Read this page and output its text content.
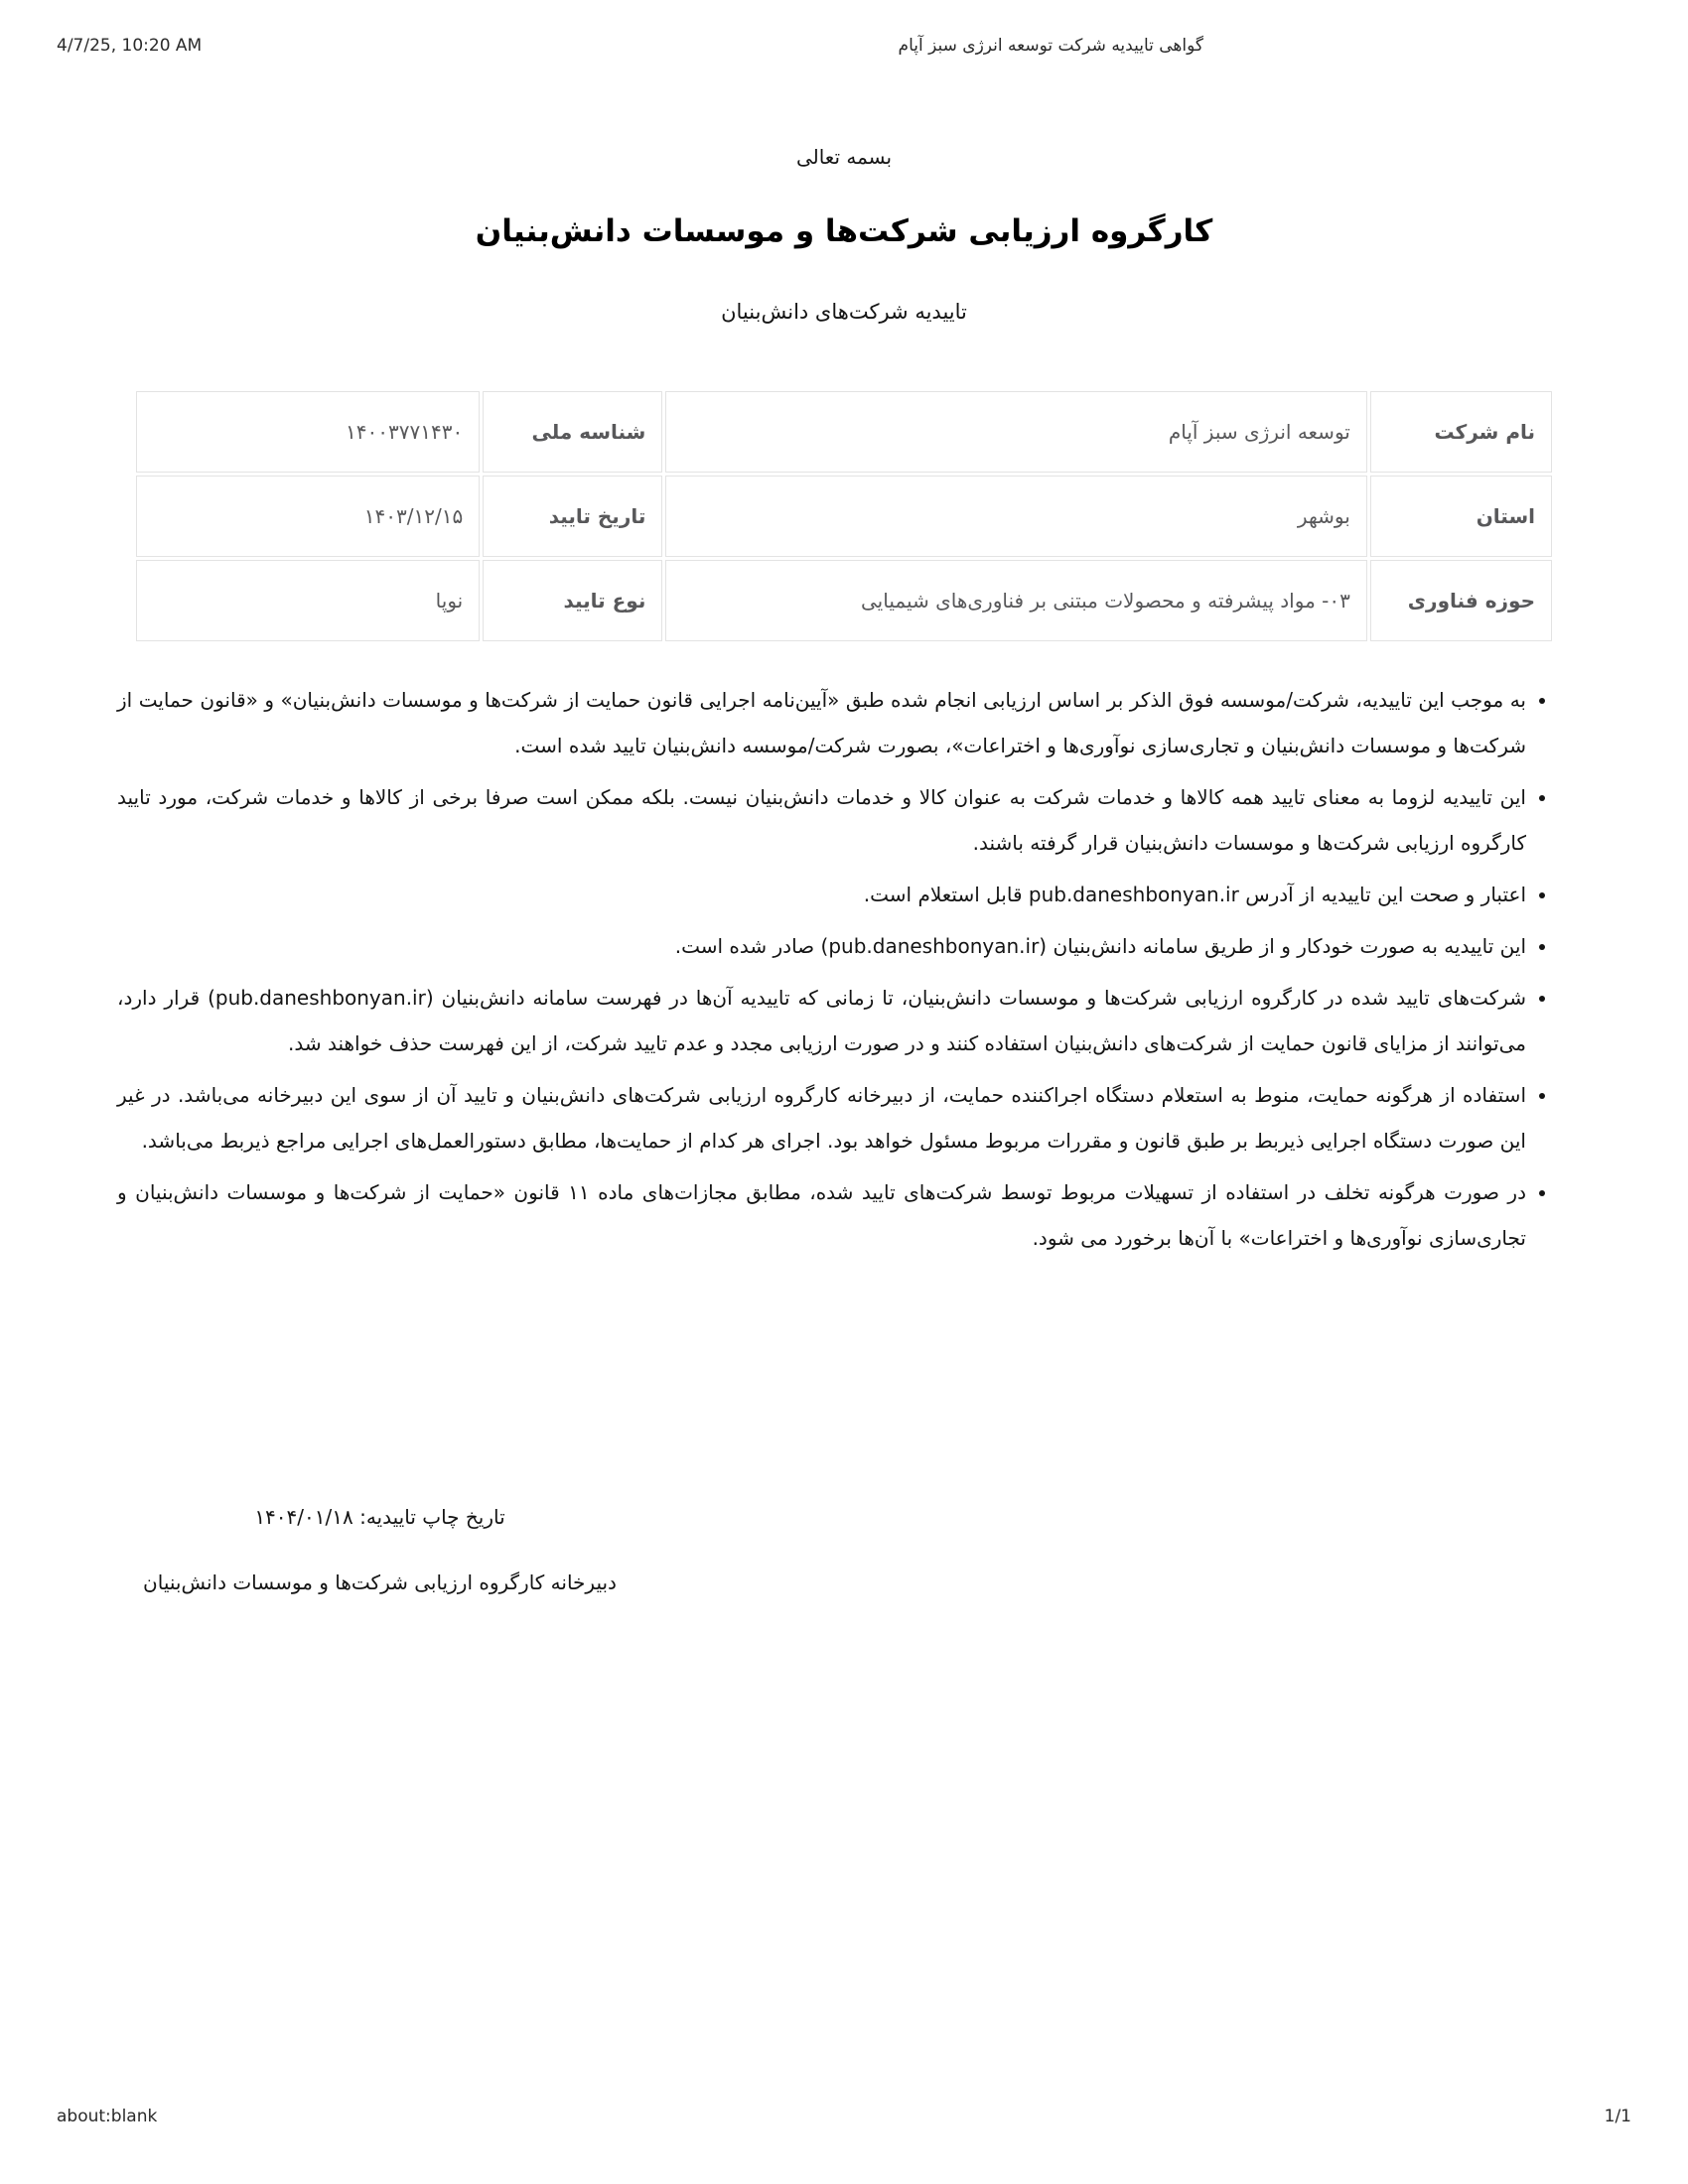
4/7/25, 10:20 AM	گواهی تاییدیه شرکت توسعه انرژی سبز آپام
بسمه تعالی
کارگروه ارزیابی شرکت‌ها و موسسات دانش‌بنیان
تاییدیه شرکت‌های دانش‌بنیان
نام شرکت	توسعه انرژی سبز آپام	شناسه ملی	۱۴۰۰۳۷۷۱۴۳۰
استان	بوشهر	تاریخ تایید	۱۴۰۳/۱۲/۱۵
حوزه فناوری	۰۳- مواد پیشرفته و محصولات مبتنی بر فناوری‌های شیمیایی	نوع تایید	نوپا
• به موجب این تاییدیه، شرکت/موسسه فوق الذکر بر اساس ارزیابی انجام شده طبق «آیین‌نامه اجرایی قانون حمایت از شرکت‌ها و موسسات دانش‌بنیان» و «قانون حمایت از شرکت‌ها و موسسات دانش‌بنیان و تجاری‌سازی نوآوری‌ها و اختراعات»، بصورت شرکت/موسسه دانش‌بنیان تایید شده است.
• این تاییدیه لزوما به معنای تایید همه کالاها و خدمات شرکت به عنوان کالا و خدمات دانش‌بنیان نیست. بلکه ممکن است صرفا برخی از کالاها و خدمات شرکت، مورد تایید کارگروه ارزیابی شرکت‌ها و موسسات دانش‌بنیان قرار گرفته باشند.
• اعتبار و صحت این تاییدیه از آدرس pub.daneshbonyan.ir قابل استعلام است.
• این تاییدیه به صورت خودکار و از طریق سامانه دانش‌بنیان (pub.daneshbonyan.ir) صادر شده است.
• شرکت‌های تایید شده در کارگروه ارزیابی شرکت‌ها و موسسات دانش‌بنیان، تا زمانی که تاییدیه آن‌ها در فهرست سامانه دانش‌بنیان (pub.daneshbonyan.ir) قرار دارد، می‌توانند از مزایای قانون حمایت از شرکت‌های دانش‌بنیان استفاده کنند و در صورت ارزیابی مجدد و عدم تایید شرکت، از این فهرست حذف خواهند شد.
• استفاده از هرگونه حمایت، منوط به استعلام دستگاه اجراکننده حمایت، از دبیرخانه کارگروه ارزیابی شرکت‌های دانش‌بنیان و تایید آن از سوی این دبیرخانه می‌باشد. در غیر این صورت دستگاه اجرایی ذیربط بر طبق قانون و مقررات مربوط مسئول خواهد بود. اجرای هر کدام از حمایت‌ها، مطابق دستورالعمل‌های اجرایی مراجع ذیربط می‌باشد.
• در صورت هرگونه تخلف در استفاده از تسهیلات مربوط توسط شرکت‌های تایید شده، مطابق مجازات‌های ماده ۱۱ قانون «حمایت از شرکت‌ها و موسسات دانش‌بنیان و تجاری‌سازی نوآوری‌ها و اختراعات» با آن‌ها برخورد می شود.
تاریخ چاپ تاییدیه: ۱۴۰۴/۰۱/۱۸
دبیرخانه کارگروه ارزیابی شرکت‌ها و موسسات دانش‌بنیان
about:blank	1/1
